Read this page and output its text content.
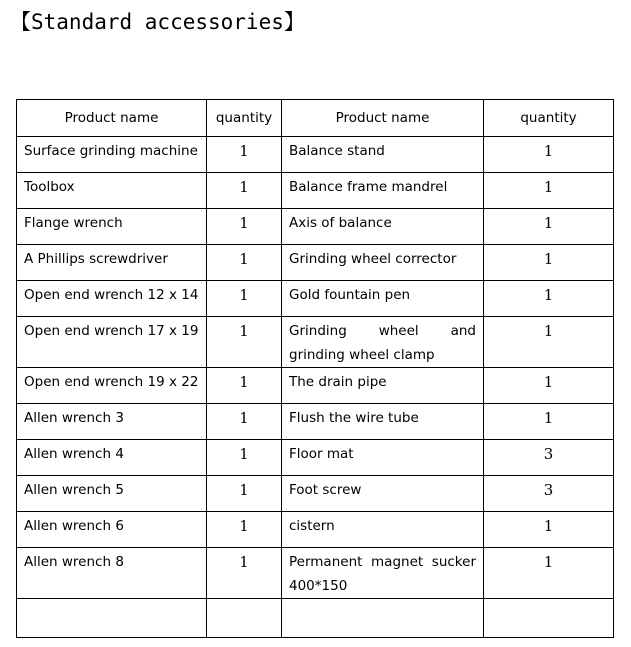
【Standard accessories】
Product name	quantity	Product name	quantity
Surface grinding machine	1	Balance stand	1
Toolbox	1	Balance frame mandrel	1
Flange wrench	1	Axis of balance	1
A Phillips screwdriver	1	Grinding wheel corrector	1
Open end wrench 12 x 14	1	Gold fountain pen	1
Open end wrench 17 x 19	1	Grinding wheel and grinding wheel clamp	1
Open end wrench 19 x 22	1	The drain pipe	1
Allen wrench 3	1	Flush the wire tube	1
Allen wrench 4	1	Floor mat	3
Allen wrench 5	1	Foot screw	3
Allen wrench 6	1	cistern	1
Allen wrench 8	1	Permanent magnet sucker 400*150	1
